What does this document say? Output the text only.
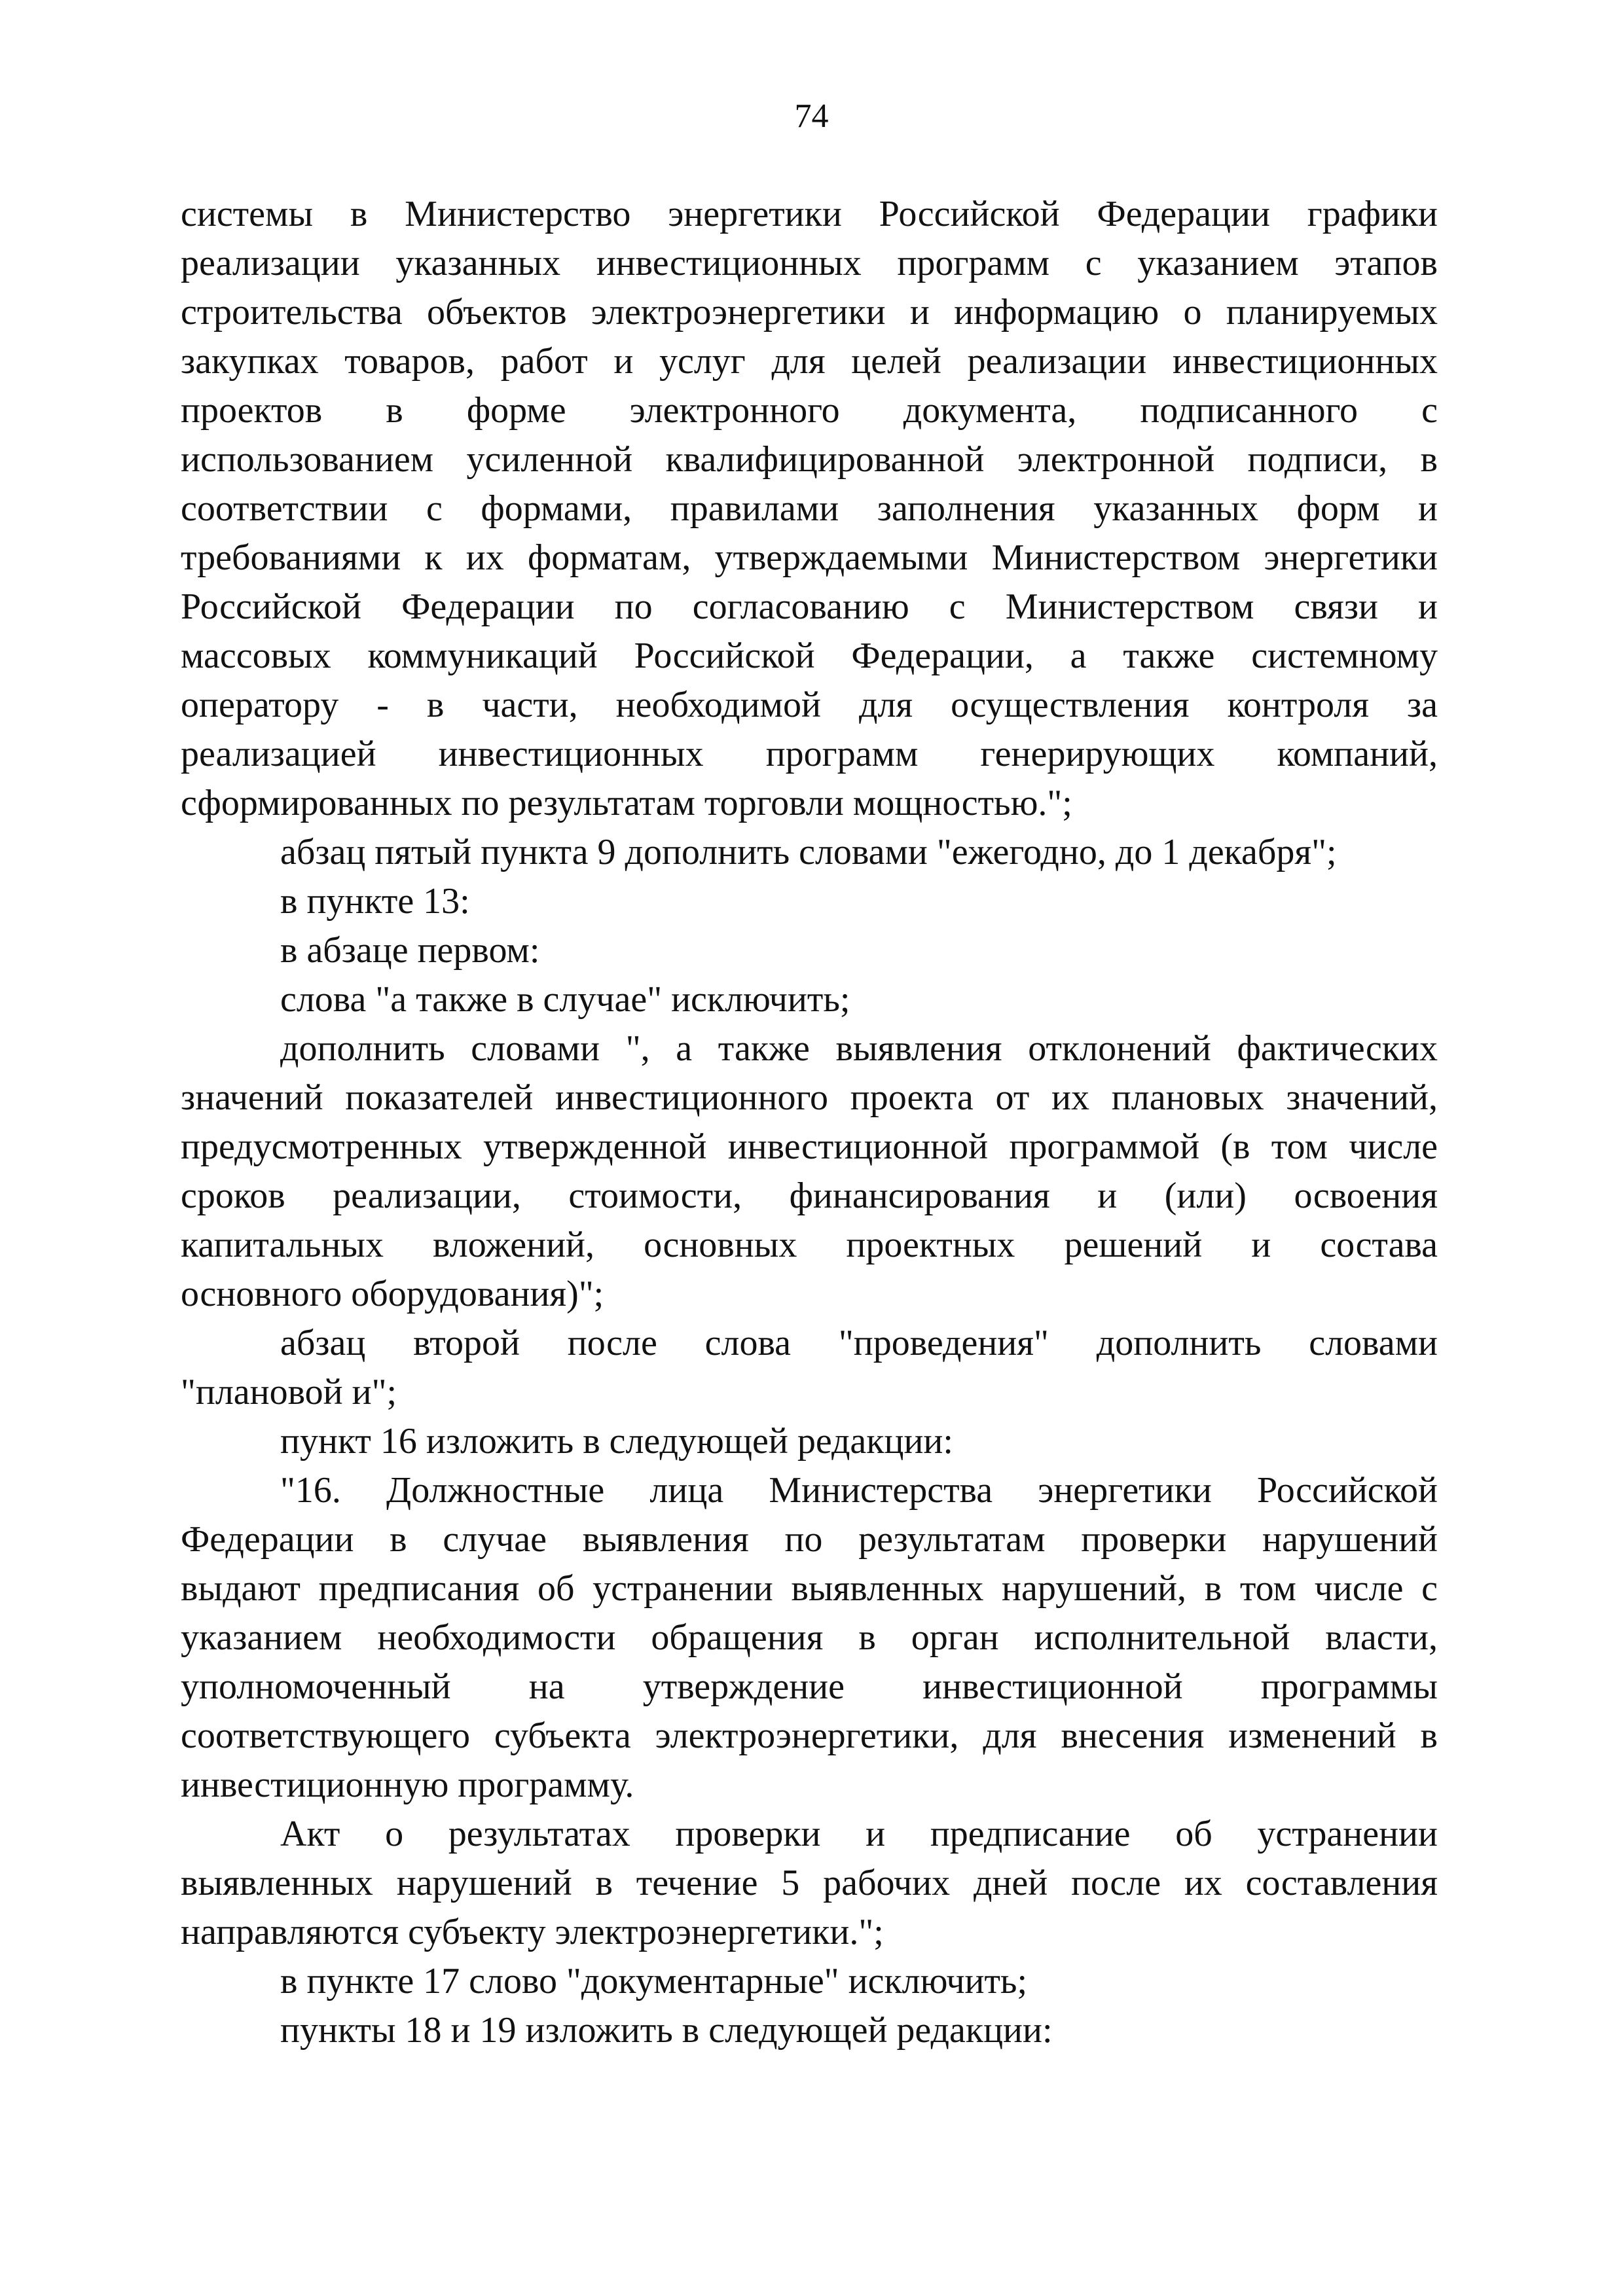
74
системы в Министерство энергетики Российской Федерации графики
реализации указанных инвестиционных программ с указанием этапов
строительства объектов электроэнергетики и информацию о планируемых
закупках товаров, работ и услуг для целей реализации инвестиционных
проектов в форме электронного документа, подписанного с
использованием усиленной квалифицированной электронной подписи, в
соответствии с формами, правилами заполнения указанных форм и
требованиями к их форматам, утверждаемыми Министерством энергетики
Российской Федерации по согласованию с Министерством связи и
массовых коммуникаций Российской Федерации, а также системному
оператору - в части, необходимой для осуществления контроля за
реализацией инвестиционных программ генерирующих компаний,
сформированных по результатам торговли мощностью.";
абзац пятый пункта 9 дополнить словами "ежегодно, до 1 декабря";
в пункте 13:
в абзаце первом:
слова "а также в случае" исключить;
дополнить словами ", а также выявления отклонений фактических
значений показателей инвестиционного проекта от их плановых значений,
предусмотренных утвержденной инвестиционной программой (в том числе
сроков реализации, стоимости, финансирования и (или) освоения
капитальных вложений, основных проектных решений и состава
основного оборудования)";
абзац второй после слова "проведения" дополнить словами
"плановой и";
пункт 16 изложить в следующей редакции:
"16. Должностные лица Министерства энергетики Российской
Федерации в случае выявления по результатам проверки нарушений
выдают предписания об устранении выявленных нарушений, в том числе с
указанием необходимости обращения в орган исполнительной власти,
уполномоченный на утверждение инвестиционной программы
соответствующего субъекта электроэнергетики, для внесения изменений в
инвестиционную программу.
Акт о результатах проверки и предписание об устранении
выявленных нарушений в течение 5 рабочих дней после их составления
направляются субъекту электроэнергетики.";
в пункте 17 слово "документарные" исключить;
пункты 18 и 19 изложить в следующей редакции:
